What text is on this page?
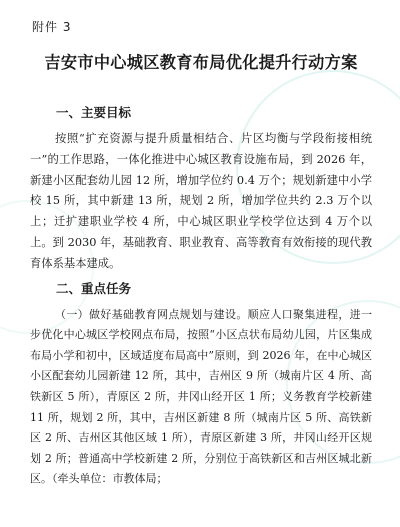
附件 3
吉安市中心城区教育布局优化提升行动方案
一、主要目标

按照“扩充资源与提升质量相结合、片区均衡与学段衔接相统一”的工作思路，一体化推进中心城区教育设施布局，到 2026 年，新建小区配套幼儿园 12 所，增加学位约 0.4 万个；规划新建中小学校 15 所，其中新建 13 所，规划 2 所，增加学位共约 2.3 万个以上；迁扩建职业学校 4 所，中心城区职业学校学位达到 4 万个以上。到 2030 年，基础教育、职业教育、高等教育有效衔接的现代教育体系基本建成。

二、重点任务

（一）做好基础教育网点规划与建设。顺应人口聚集进程，进一步优化中心城区学校网点布局，按照“小区点状布局幼儿园，片区集成布局小学和初中，区域适度布局高中”原则，到 2026 年，在中心城区小区配套幼儿园新建 12 所，其中，吉州区 9 所（城南片区 4 所、高铁新区 5 所），青原区 2 所，井冈山经开区 1 所；义务教育学校新建 11 所，规划 2 所，其中，吉州区新建 8 所（城南片区 5 所、高铁新区 2 所、吉州区其他区域 1 所），青原区新建 3 所，井冈山经开区规划 2 所；普通高中学校新建 2 所，分别位于高铁新区和吉州区城北新区。（牵头单位：市教体局；
